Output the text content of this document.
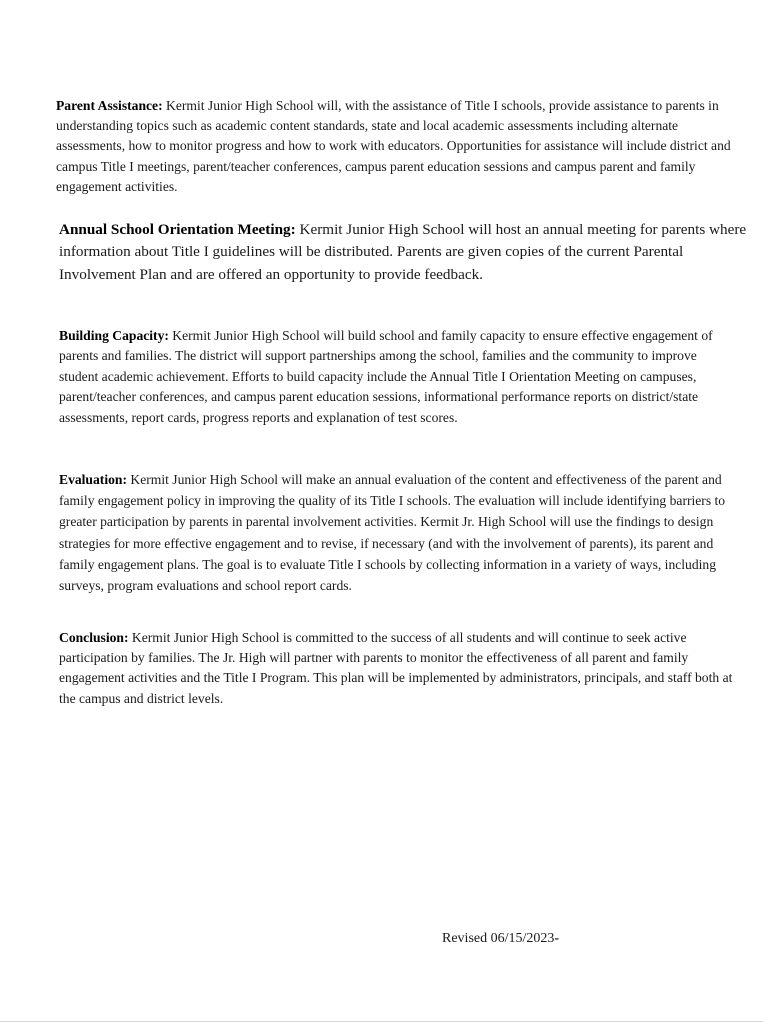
Parent Assistance: Kermit Junior High School will, with the assistance of Title I schools, provide assistance to parents in understanding topics such as academic content standards, state and local academic assessments including alternate assessments, how to monitor progress and how to work with educators. Opportunities for assistance will include district and campus Title I meetings, parent/teacher conferences, campus parent education sessions and campus parent and family engagement activities.

Annual School Orientation Meeting: Kermit Junior High School will host an annual meeting for parents where information about Title I guidelines will be distributed. Parents are given copies of the current Parental Involvement Plan and are offered an opportunity to provide feedback.

Building Capacity: Kermit Junior High School will build school and family capacity to ensure effective engagement of parents and families. The district will support partnerships among the school, families and the community to improve student academic achievement. Efforts to build capacity include the Annual Title I Orientation Meeting on campuses, parent/teacher conferences, and campus parent education sessions, informational performance reports on district/state assessments, report cards, progress reports and explanation of test scores.

Evaluation: Kermit Junior High School will make an annual evaluation of the content and effectiveness of the parent and family engagement policy in improving the quality of its Title I schools. The evaluation will include identifying barriers to greater participation by parents in parental involvement activities. Kermit Jr. High School will use the findings to design strategies for more effective engagement and to revise, if necessary (and with the involvement of parents), its parent and family engagement plans. The goal is to evaluate Title I schools by collecting information in a variety of ways, including surveys, program evaluations and school report cards.

Conclusion: Kermit Junior High School is committed to the success of all students and will continue to seek active participation by families. The Jr. High will partner with parents to monitor the effectiveness of all parent and family engagement activities and the Title I Program. This plan will be implemented by administrators, principals, and staff both at the campus and district levels.

Revised 06/15/2023-
